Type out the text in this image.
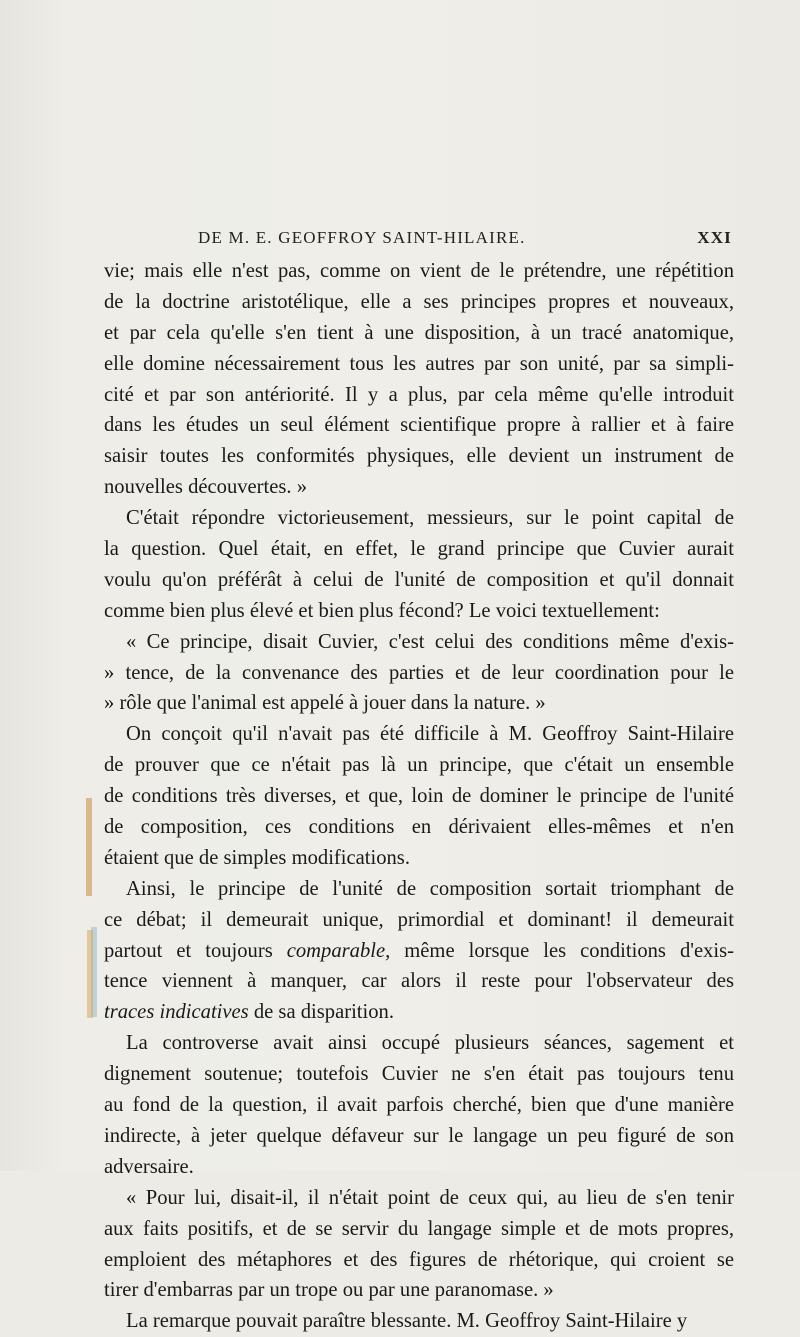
DE M. E. GEOFFROY SAINT-HILAIRE.	XXI
vie; mais elle n'est pas, comme on vient de le prétendre, une répétition
de la doctrine aristotélique, elle a ses principes propres et nouveaux,
et par cela qu'elle s'en tient à une disposition, à un tracé anatomique,
elle domine nécessairement tous les autres par son unité, par sa simpli-
cité et par son antériorité. Il y a plus, par cela même qu'elle introduit
dans les études un seul élément scientifique propre à rallier et à faire
saisir toutes les conformités physiques, elle devient un instrument de
nouvelles découvertes. »
C'était répondre victorieusement, messieurs, sur le point capital de
la question. Quel était, en effet, le grand principe que Cuvier aurait
voulu qu'on préférât à celui de l'unité de composition et qu'il donnait
comme bien plus élevé et bien plus fécond? Le voici textuellement:
« Ce principe, disait Cuvier, c'est celui des conditions même d'exis-
» tence, de la convenance des parties et de leur coordination pour le
» rôle que l'animal est appelé à jouer dans la nature. »
On conçoit qu'il n'avait pas été difficile à M. Geoffroy Saint-Hilaire
de prouver que ce n'était pas là un principe, que c'était un ensemble
de conditions très diverses, et que, loin de dominer le principe de l'unité
de composition, ces conditions en dérivaient elles-mêmes et n'en
étaient que de simples modifications.
Ainsi, le principe de l'unité de composition sortait triomphant de
ce débat; il demeurait unique, primordial et dominant! il demeurait
partout et toujours comparable, même lorsque les conditions d'exis-
tence viennent à manquer, car alors il reste pour l'observateur des
traces indicatives de sa disparition.
La controverse avait ainsi occupé plusieurs séances, sagement et
dignement soutenue; toutefois Cuvier ne s'en était pas toujours tenu
au fond de la question, il avait parfois cherché, bien que d'une manière
indirecte, à jeter quelque défaveur sur le langage un peu figuré de son
adversaire.
« Pour lui, disait-il, il n'était point de ceux qui, au lieu de s'en tenir
aux faits positifs, et de se servir du langage simple et de mots propres,
emploient des métaphores et des figures de rhétorique, qui croient se
tirer d'embarras par un trope ou par une paranomase. »
La remarque pouvait paraître blessante. M. Geoffroy Saint-Hilaire y
